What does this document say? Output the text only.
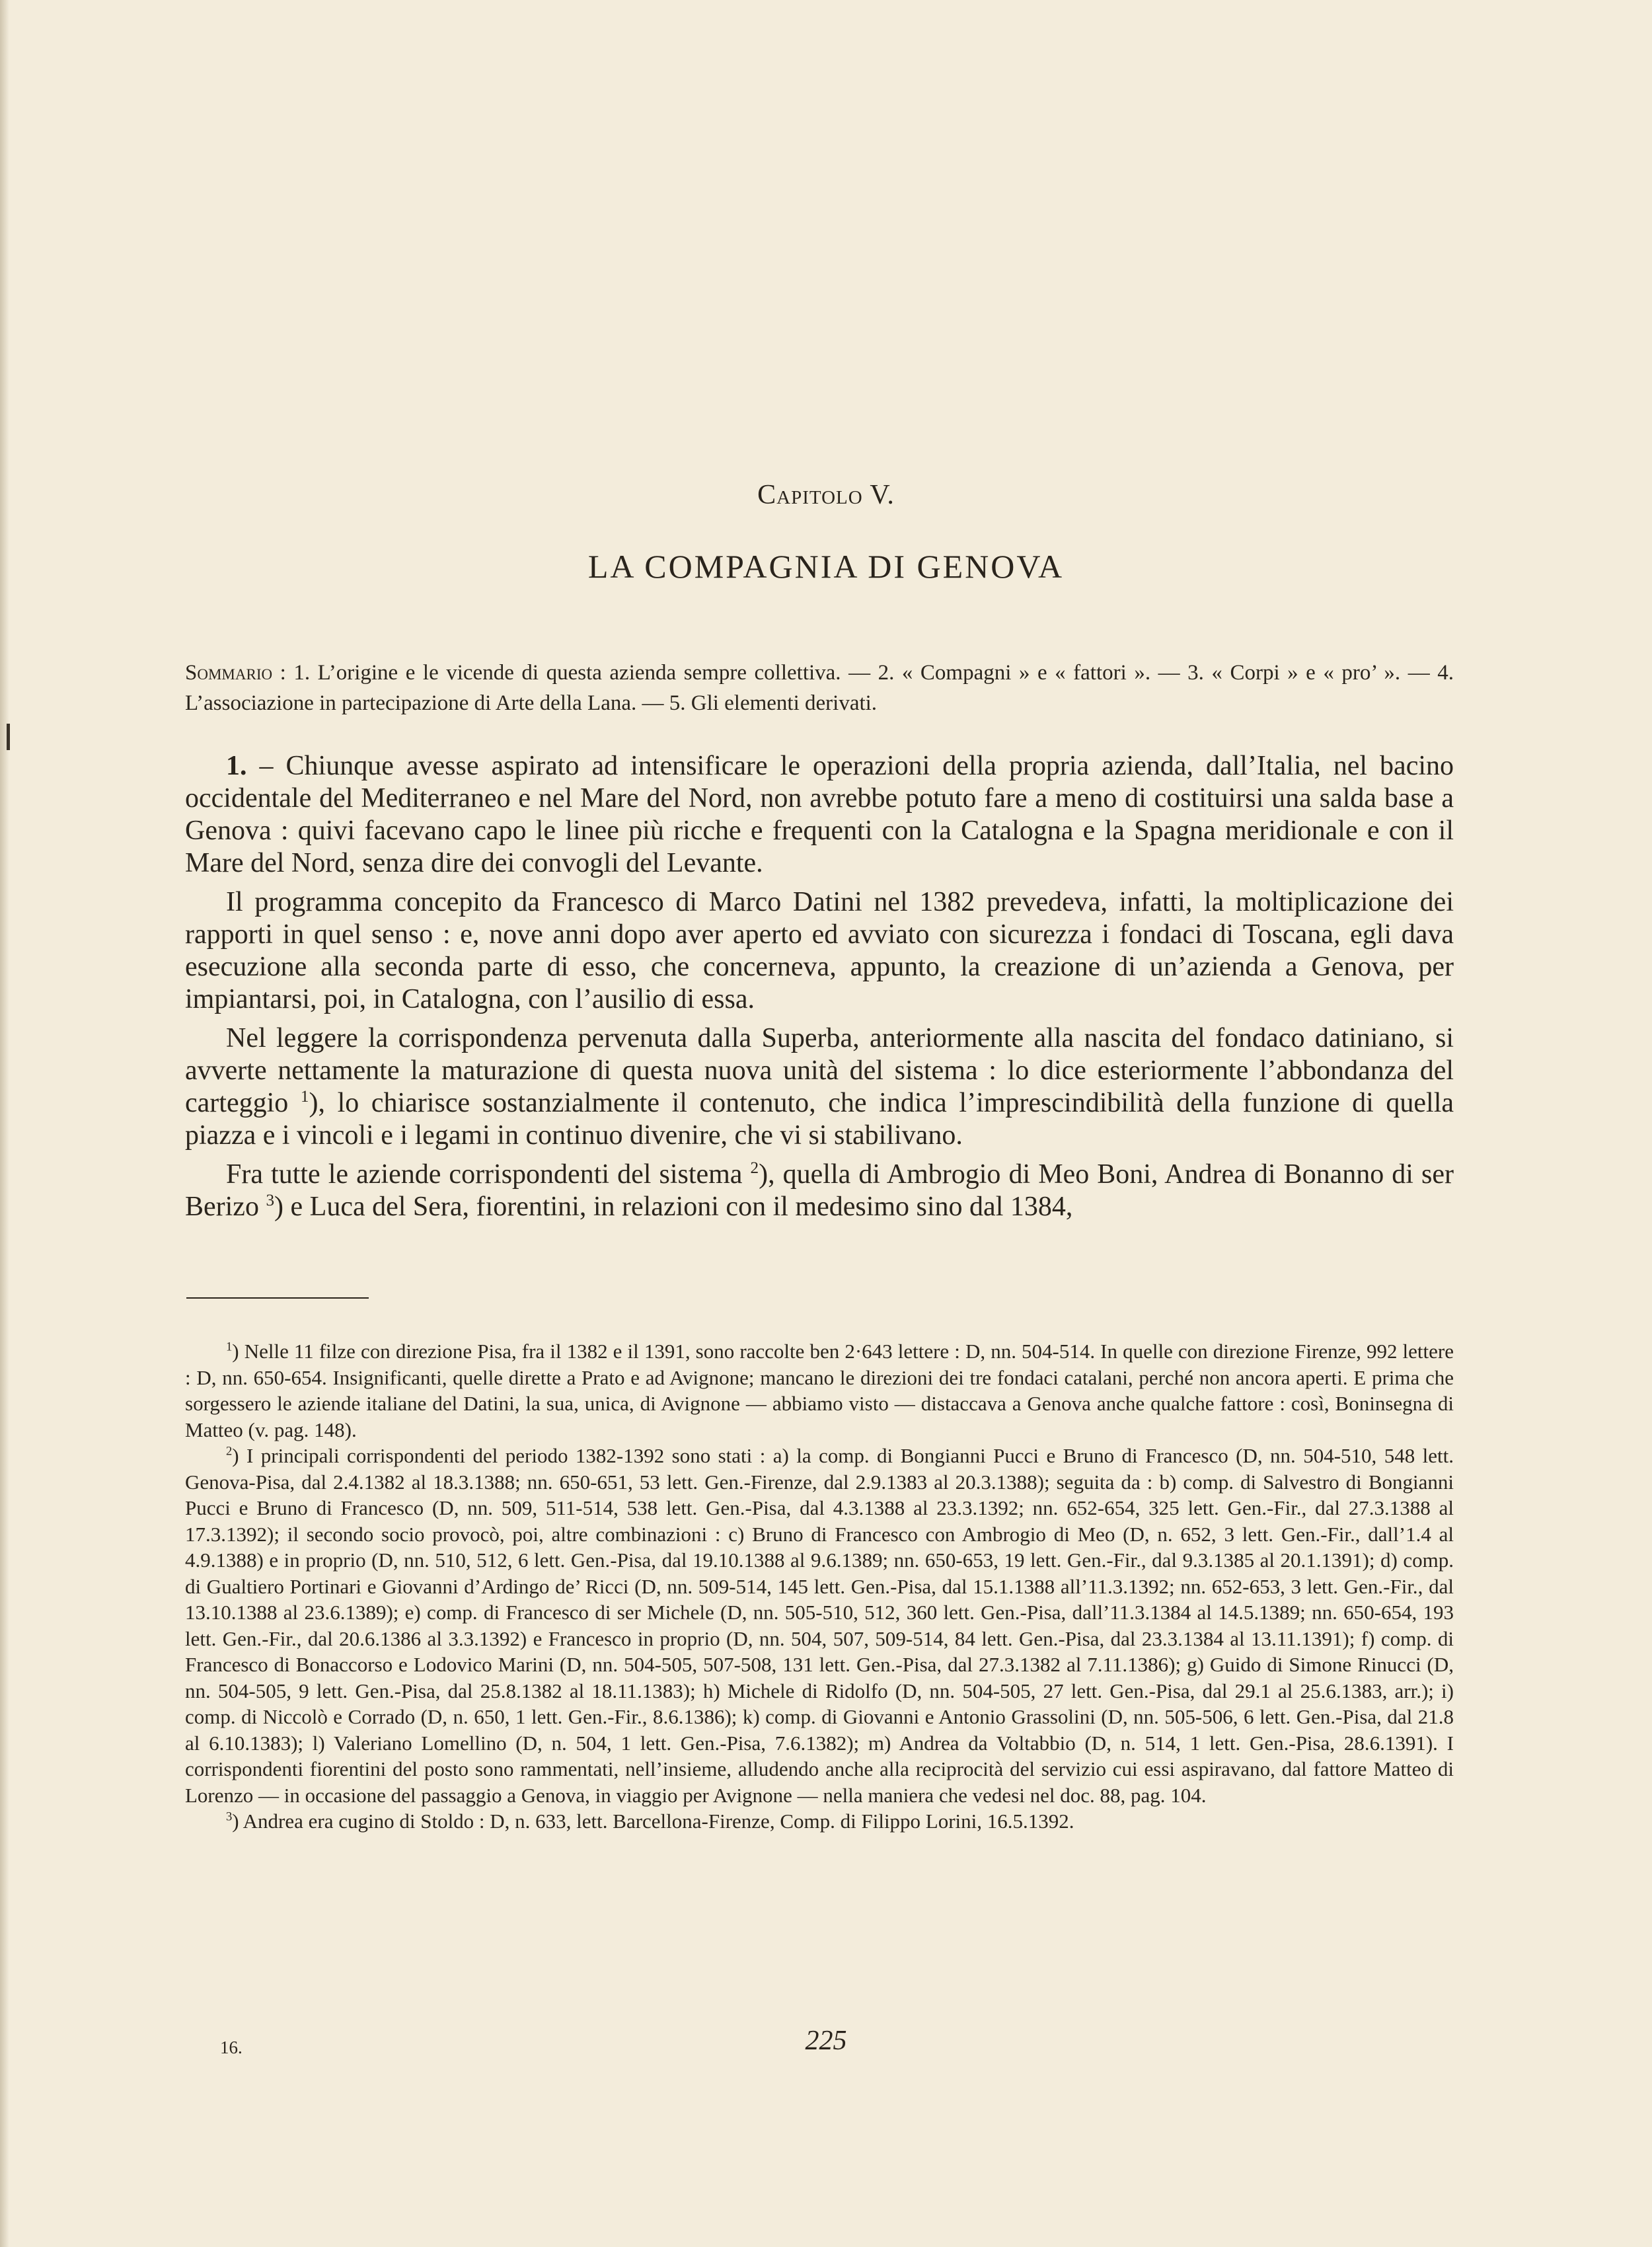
Capitolo V.
LA COMPAGNIA DI GENOVA
Sommario : 1. L’origine e le vicende di questa azienda sempre collettiva. — 2. « Compagni » e « fattori ». — 3. « Corpi » e « pro’ ». — 4. L’associazione in partecipazione di Arte della Lana. — 5. Gli elementi derivati.

1. – Chiunque avesse aspirato ad intensificare le operazioni della propria azienda, dall’Italia, nel bacino occidentale del Mediterraneo e nel Mare del Nord, non avrebbe potuto fare a meno di costituirsi una salda base a Genova : quivi facevano capo le linee più ricche e frequenti con la Catalogna e la Spagna meridionale e con il Mare del Nord, senza dire dei convogli del Levante.

Il programma concepito da Francesco di Marco Datini nel 1382 prevedeva, infatti, la moltiplicazione dei rapporti in quel senso : e, nove anni dopo aver aperto ed avviato con sicurezza i fondaci di Toscana, egli dava esecuzione alla seconda parte di esso, che concerneva, appunto, la creazione di un’azienda a Genova, per impiantarsi, poi, in Catalogna, con l’ausilio di essa.

Nel leggere la corrispondenza pervenuta dalla Superba, anteriormente alla nascita del fondaco datiniano, si avverte nettamente la maturazione di questa nuova unità del sistema : lo dice esteriormente l’abbondanza del carteggio $^1$), lo chiarisce sostanzialmente il contenuto, che indica l’imprescindibilità della funzione di quella piazza e i vincoli e i legami in continuo divenire, che vi si stabilivano.

Fra tutte le aziende corrispondenti del sistema $^2$), quella di Ambrogio di Meo Boni, Andrea di Bonanno di ser Berizo $^3$) e Luca del Sera, fiorentini, in relazioni con il medesimo sino dal 1384,

$^1$) Nelle 11 filze con direzione Pisa, fra il 1382 e il 1391, sono raccolte ben 2·643 lettere : D, nn. 504-514. In quelle con direzione Firenze, 992 lettere : D, nn. 650-654. Insignificanti, quelle dirette a Prato e ad Avignone; mancano le direzioni dei tre fondaci catalani, perché non ancora aperti. E prima che sorgessero le aziende italiane del Datini, la sua, unica, di Avignone — abbiamo visto — distaccava a Genova anche qualche fattore : così, Boninsegna di Matteo (v. pag. 148).

$^2$) I principali corrispondenti del periodo 1382-1392 sono stati : a) la comp. di Bongianni Pucci e Bruno di Francesco (D, nn. 504-510, 548 lett. Genova-Pisa, dal 2.4.1382 al 18.3.1388; nn. 650-651, 53 lett. Gen.-Firenze, dal 2.9.1383 al 20.3.1388); seguita da : b) comp. di Salvestro di Bongianni Pucci e Bruno di Francesco (D, nn. 509, 511-514, 538 lett. Gen.-Pisa, dal 4.3.1388 al 23.3.1392; nn. 652-654, 325 lett. Gen.-Fir., dal 27.3.1388 al 17.3.1392); il secondo socio provocò, poi, altre combinazioni : c) Bruno di Francesco con Ambrogio di Meo (D, n. 652, 3 lett. Gen.-Fir., dall’1.4 al 4.9.1388) e in proprio (D, nn. 510, 512, 6 lett. Gen.-Pisa, dal 19.10.1388 al 9.6.1389; nn. 650-653, 19 lett. Gen.-Fir., dal 9.3.1385 al 20.1.1391); d) comp. di Gualtiero Portinari e Giovanni d’Ardingo de’ Ricci (D, nn. 509-514, 145 lett. Gen.-Pisa, dal 15.1.1388 all’11.3.1392; nn. 652-653, 3 lett. Gen.-Fir., dal 13.10.1388 al 23.6.1389); e) comp. di Francesco di ser Michele (D, nn. 505-510, 512, 360 lett. Gen.-Pisa, dall’11.3.1384 al 14.5.1389; nn. 650-654, 193 lett. Gen.-Fir., dal 20.6.1386 al 3.3.1392) e Francesco in proprio (D, nn. 504, 507, 509-514, 84 lett. Gen.-Pisa, dal 23.3.1384 al 13.11.1391); f) comp. di Francesco di Bonaccorso e Lodovico Marini (D, nn. 504-505, 507-508, 131 lett. Gen.-Pisa, dal 27.3.1382 al 7.11.1386); g) Guido di Simone Rinucci (D, nn. 504-505, 9 lett. Gen.-Pisa, dal 25.8.1382 al 18.11.1383); h) Michele di Ridolfo (D, nn. 504-505, 27 lett. Gen.-Pisa, dal 29.1 al 25.6.1383, arr.); i) comp. di Niccolò e Corrado (D, n. 650, 1 lett. Gen.-Fir., 8.6.1386); k) comp. di Giovanni e Antonio Grassolini (D, nn. 505-506, 6 lett. Gen.-Pisa, dal 21.8 al 6.10.1383); l) Valeriano Lomellino (D, n. 504, 1 lett. Gen.-Pisa, 7.6.1382); m) Andrea da Voltabbio (D, n. 514, 1 lett. Gen.-Pisa, 28.6.1391). I corrispondenti fiorentini del posto sono rammentati, nell’insieme, alludendo anche alla reciprocità del servizio cui essi aspiravano, dal fattore Matteo di Lorenzo — in occasione del passaggio a Genova, in viaggio per Avignone — nella maniera che vedesi nel doc. 88, pag. 104.

$^3$) Andrea era cugino di Stoldo : D, n. 633, lett. Barcellona-Firenze, Comp. di Filippo Lorini, 16.5.1392.

225
16.
